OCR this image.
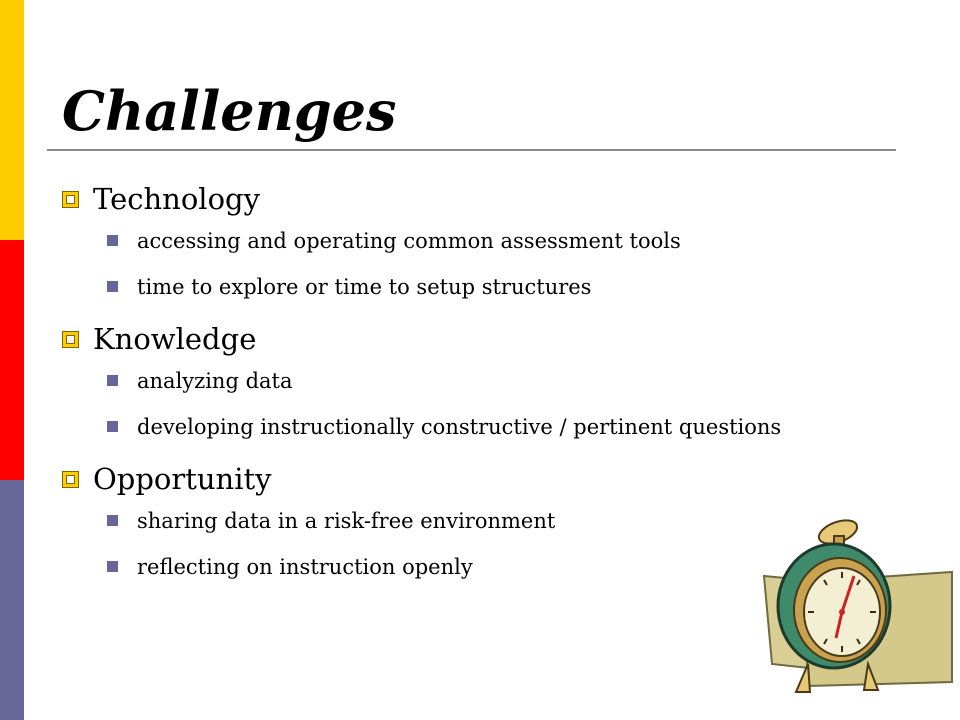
Challenges
Technology
accessing and operating common assessment tools
time to explore or time to setup structures
Knowledge
analyzing data
developing instructionally constructive / pertinent questions
Opportunity
sharing data in a risk-free environment
reflecting on instruction openly
